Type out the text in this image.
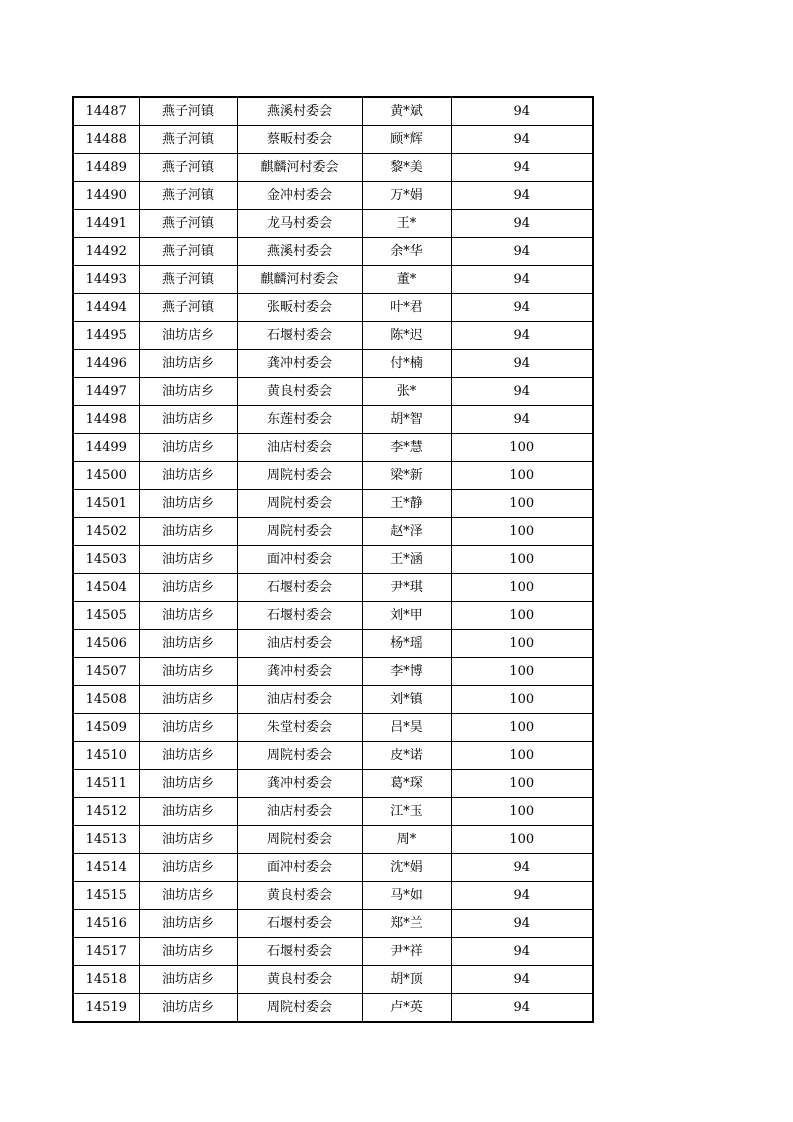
14487	燕子河镇	燕溪村委会	黄*斌	94
14488	燕子河镇	蔡畈村委会	顾*辉	94
14489	燕子河镇	麒麟河村委会	黎*美	94
14490	燕子河镇	金冲村委会	万*娟	94
14491	燕子河镇	龙马村委会	王*	94
14492	燕子河镇	燕溪村委会	余*华	94
14493	燕子河镇	麒麟河村委会	董*	94
14494	燕子河镇	张畈村委会	叶*君	94
14495	油坊店乡	石堰村委会	陈*迟	94
14496	油坊店乡	龚冲村委会	付*楠	94
14497	油坊店乡	黄良村委会	张*	94
14498	油坊店乡	东莲村委会	胡*智	94
14499	油坊店乡	油店村委会	李*慧	100
14500	油坊店乡	周院村委会	梁*新	100
14501	油坊店乡	周院村委会	王*静	100
14502	油坊店乡	周院村委会	赵*泽	100
14503	油坊店乡	面冲村委会	王*涵	100
14504	油坊店乡	石堰村委会	尹*琪	100
14505	油坊店乡	石堰村委会	刘*甲	100
14506	油坊店乡	油店村委会	杨*瑶	100
14507	油坊店乡	龚冲村委会	李*博	100
14508	油坊店乡	油店村委会	刘*镇	100
14509	油坊店乡	朱堂村委会	吕*昊	100
14510	油坊店乡	周院村委会	皮*诺	100
14511	油坊店乡	龚冲村委会	葛*琛	100
14512	油坊店乡	油店村委会	江*玉	100
14513	油坊店乡	周院村委会	周*	100
14514	油坊店乡	面冲村委会	沈*娟	94
14515	油坊店乡	黄良村委会	马*如	94
14516	油坊店乡	石堰村委会	郑*兰	94
14517	油坊店乡	石堰村委会	尹*祥	94
14518	油坊店乡	黄良村委会	胡*顶	94
14519	油坊店乡	周院村委会	卢*英	94
